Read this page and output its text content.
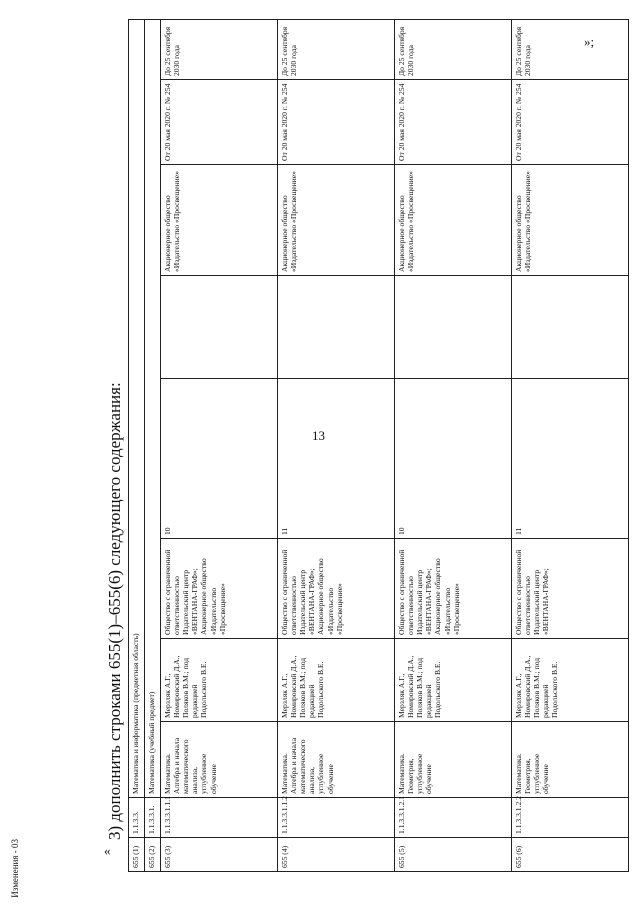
13
»;
«
3) дополнить строками 655(1)–655(6) следующего содержания:
655 (1)	1.1.3.3.	Математика и информатика (предметная область)							
655 (2)	1.1.3.3.1.	Математика (учебный предмет)							
655 (3)	1.1.3.3.1.1.1	Математика. Алгебра и начала математического анализа, углубленное обучение	Мерзляк А.Г., Номировский Д.А., Поляков В.М.; под редакцией Подольского В.Е.	Общество с ограниченной ответственностью Издательский центр «ВЕНТАНА-ГРАФ»; Акционерное общество «Издательство «Просвещение»	10		Акционерное общество «Издательство «Просвещение»	От 20 мая 2020 г. № 254	До 25 сентября 2030 года
655 (4)	1.1.3.3.1.1.2	Математика. Алгебра и начала математического анализа, углубленное обучение	Мерзляк А.Г., Номировский Д.А., Поляков В.М.; под редакцией Подольского В.Е.	Общество с ограниченной ответственностью Издательский центр «ВЕНТАНА-ГРАФ»; Акционерное общество «Издательство «Просвещение»	11		Акционерное общество «Издательство «Просвещение»	От 20 мая 2020 г. № 254	До 25 сентября 2030 года
655 (5)	1.1.3.3.1.2.1	Математика. Геометрия, углубленное обучение	Мерзляк А.Г., Номировский Д.А., Поляков В.М.; под редакцией Подольского В.Е.	Общество с ограниченной ответственностью Издательский центр «ВЕНТАНА-ГРАФ»; Акционерное общество «Издательство «Просвещение»	10		Акционерное общество «Издательство «Просвещение»	От 20 мая 2020 г. № 254	До 25 сентября 2030 года
655 (6)	1.1.3.3.1.2.2	Математика. Геометрия, углубленное обучение	Мерзляк А.Г., Номировский Д.А., Поляков В.М.; под редакцией Подольского В.Е.	Общество с ограниченной ответственностью Издательский центр «ВЕНТАНА-ГРАФ»;	11		Акционерное общество «Издательство «Просвещение»	От 20 мая 2020 г. № 254	До 25 сентября 2030 года
Изменения - 03
